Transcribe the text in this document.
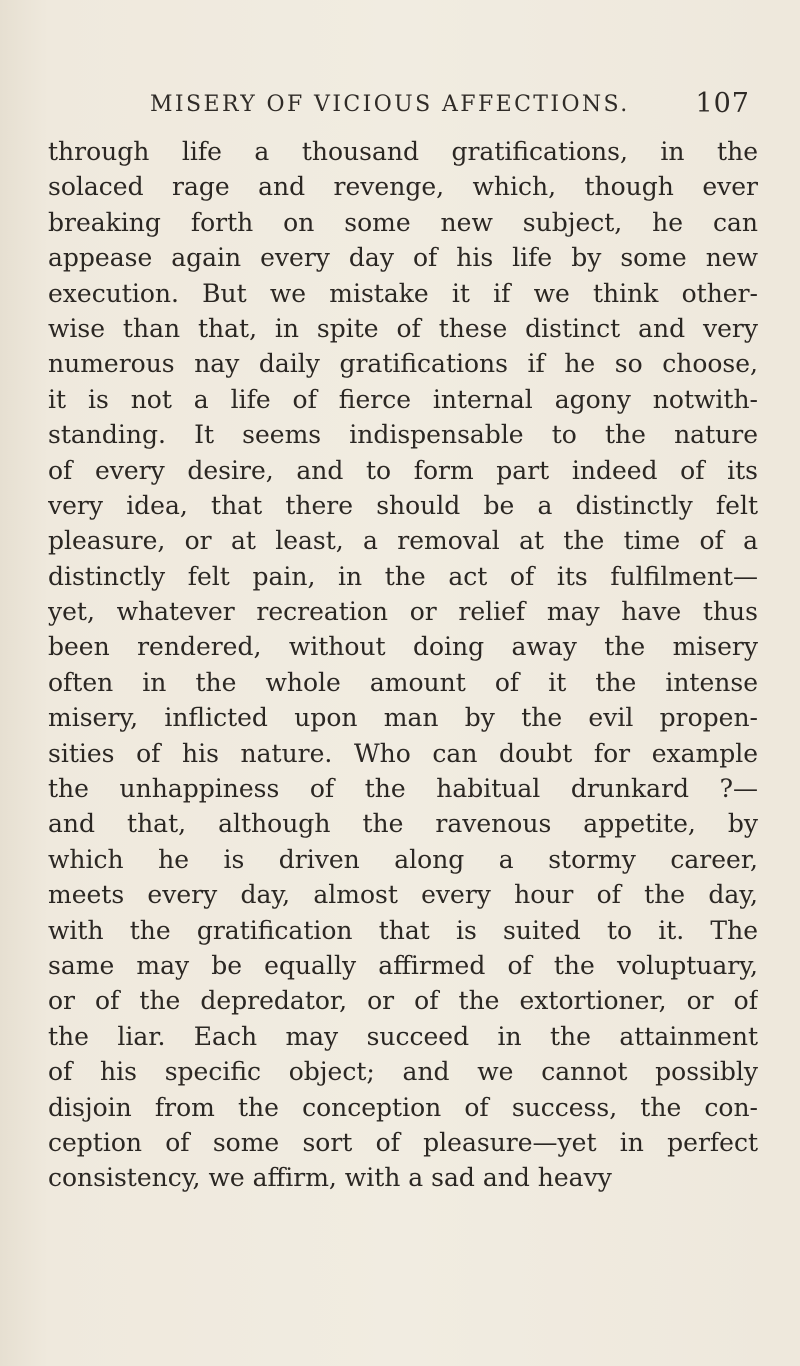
MISERY OF VICIOUS AFFECTIONS. 107
through life a thousand gratifications, in the
solaced rage and revenge, which, though ever
breaking forth on some new subject, he can
appease again every day of his life by some new
execution. But we mistake it if we think other-
wise than that, in spite of these distinct and very
numerous nay daily gratifications if he so choose,
it is not a life of fierce internal agony notwith-
standing. It seems indispensable to the nature
of every desire, and to form part indeed of its
very idea, that there should be a distinctly felt
pleasure, or at least, a removal at the time of a
distinctly felt pain, in the act of its fulfilment—
yet, whatever recreation or relief may have thus
been rendered, without doing away the misery
often in the whole amount of it the intense
misery, inflicted upon man by the evil propen-
sities of his nature. Who can doubt for example
the unhappiness of the habitual drunkard ?—
and that, although the ravenous appetite, by
which he is driven along a stormy career,
meets every day, almost every hour of the day,
with the gratification that is suited to it. The
same may be equally affirmed of the voluptuary,
or of the depredator, or of the extortioner, or of
the liar. Each may succeed in the attainment
of his specific object; and we cannot possibly
disjoin from the conception of success, the con-
ception of some sort of pleasure—yet in perfect
consistency, we affirm, with a sad and heavy
